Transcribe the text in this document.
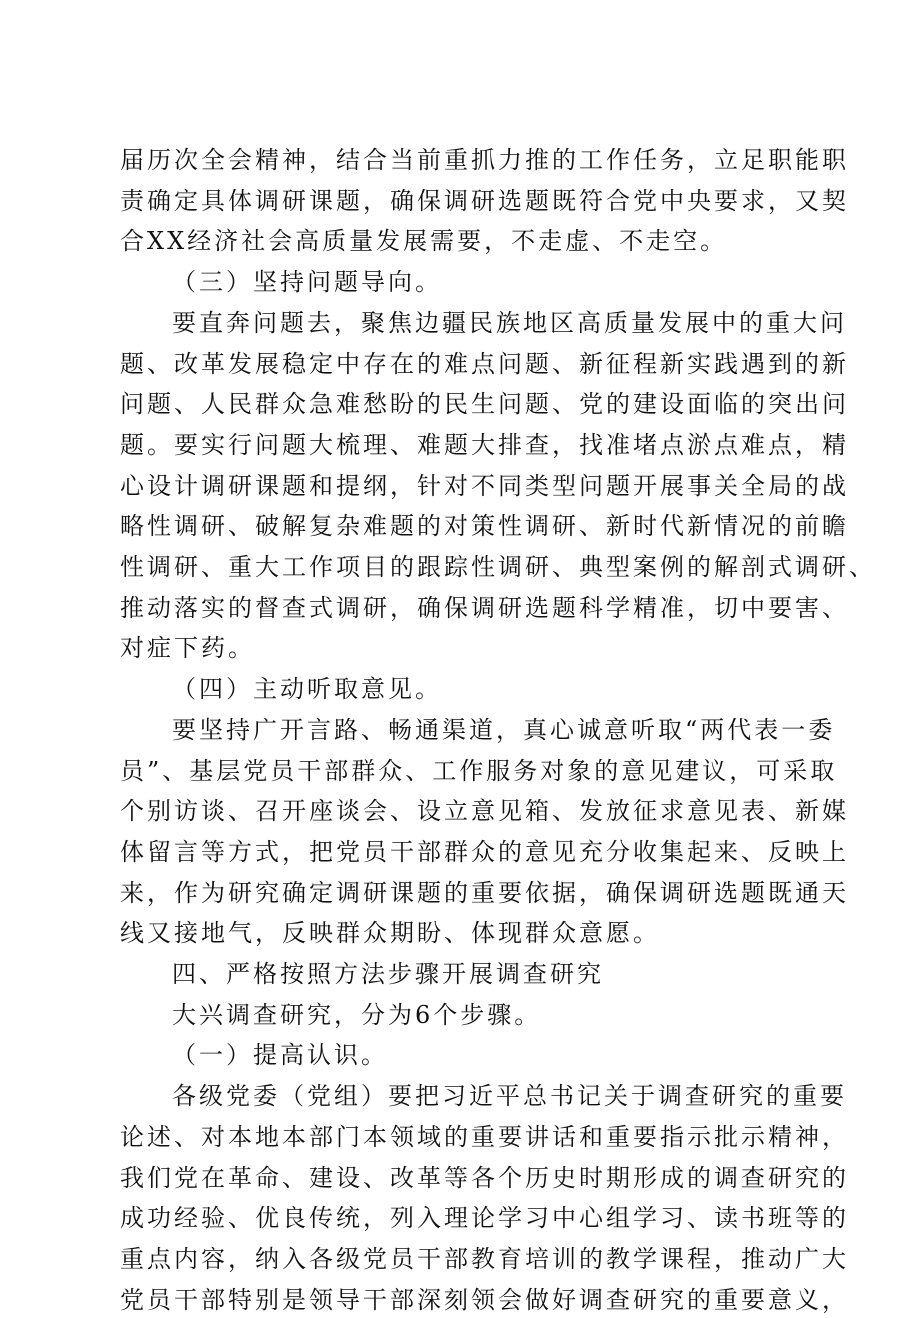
届历次全会精神，结合当前重抓力推的工作任务，立足职能职
责确定具体调研课题，确保调研选题既符合党中央要求，又契
合XX经济社会高质量发展需要，不走虚、不走空。
（三）坚持问题导向。
要直奔问题去，聚焦边疆民族地区高质量发展中的重大问
题、改革发展稳定中存在的难点问题、新征程新实践遇到的新
问题、人民群众急难愁盼的民生问题、党的建设面临的突出问
题。要实行问题大梳理、难题大排查，找准堵点淤点难点，精
心设计调研课题和提纲，针对不同类型问题开展事关全局的战
略性调研、破解复杂难题的对策性调研、新时代新情况的前瞻
性调研、重大工作项目的跟踪性调研、典型案例的解剖式调研、
推动落实的督查式调研，确保调研选题科学精准，切中要害、
对症下药。
（四）主动听取意见。
要坚持广开言路、畅通渠道，真心诚意听取“两代表一委
员”、基层党员干部群众、工作服务对象的意见建议，可采取
个别访谈、召开座谈会、设立意见箱、发放征求意见表、新媒
体留言等方式，把党员干部群众的意见充分收集起来、反映上
来，作为研究确定调研课题的重要依据，确保调研选题既通天
线又接地气，反映群众期盼、体现群众意愿。
四、严格按照方法步骤开展调查研究
大兴调查研究，分为6个步骤。
（一）提高认识。
各级党委（党组）要把习近平总书记关于调查研究的重要
论述、对本地本部门本领域的重要讲话和重要指示批示精神，
我们党在革命、建设、改革等各个历史时期形成的调查研究的
成功经验、优良传统，列入理论学习中心组学习、读书班等的
重点内容，纳入各级党员干部教育培训的教学课程，推动广大
党员干部特别是领导干部深刻领会做好调查研究的重要意义，
